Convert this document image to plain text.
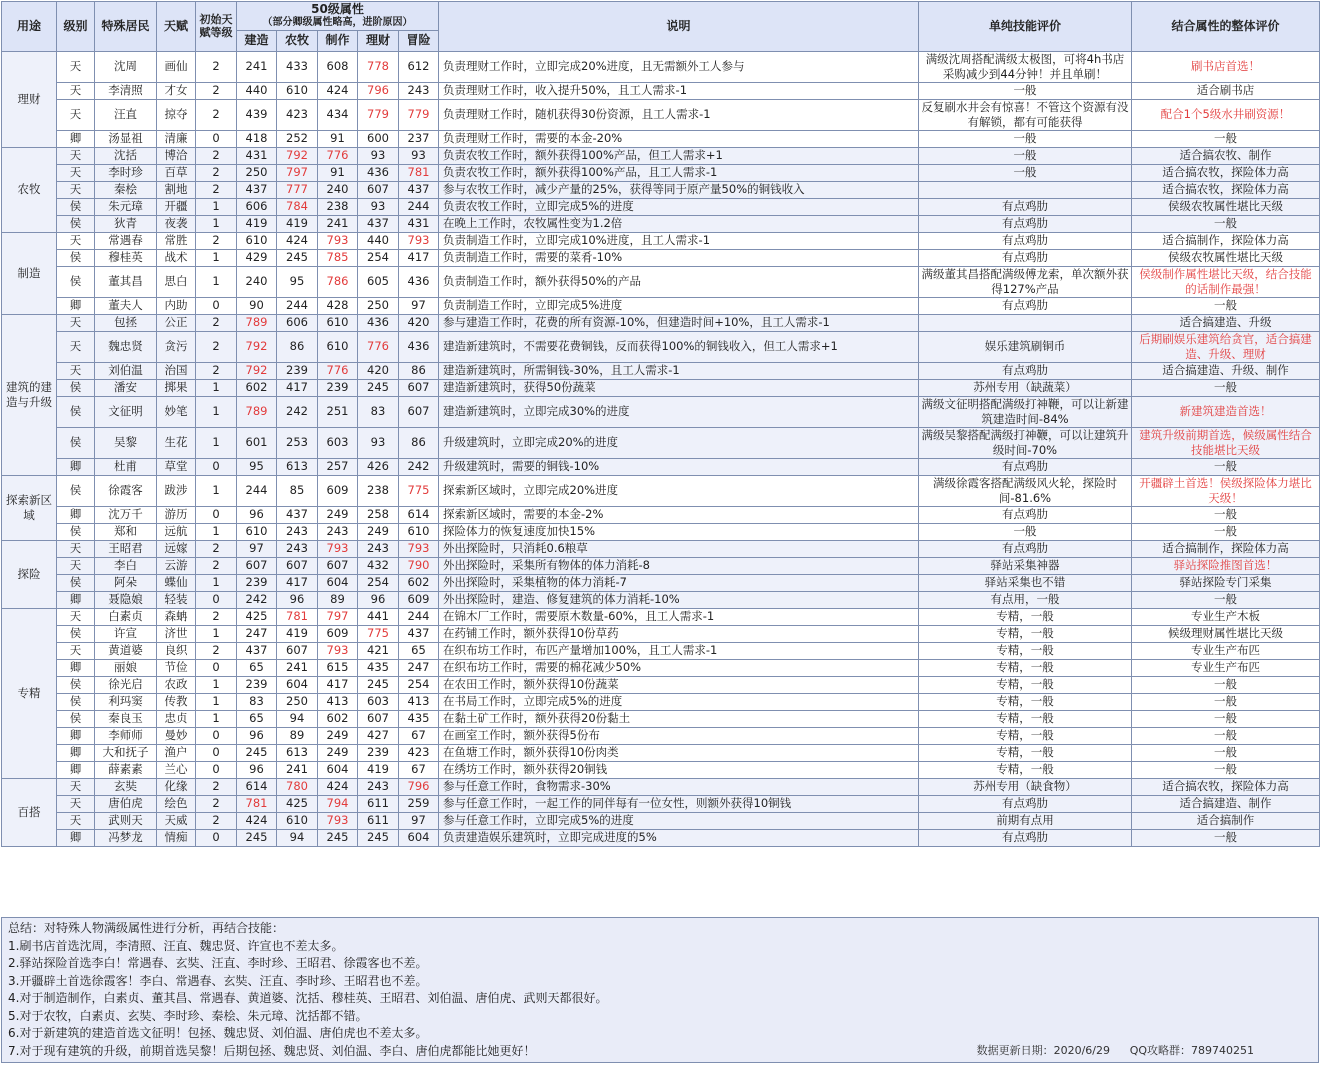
用途	级别	特殊居民	天赋	初始天赋等级	50级属性
（部分卿级属性略高，进阶原因）					说明	单纯技能评价	结合属性的整体评价
					建造	农牧	制作	理财	冒险			
理财	天	沈周	画仙	2	241	433	608	778	612	负责理财工作时，立即完成20%进度，且无需额外工人参与	满级沈周搭配满级太极图，可将4h书店采购减少到44分钟！并且单刷！	刷书店首选！
	天	李清照	才女	2	440	610	424	796	243	负责理财工作时，收入提升50%，且工人需求-1	一般	适合刷书店
	天	汪直	掠夺	2	439	423	434	779	779	负责理财工作时，随机获得30份资源，且工人需求-1	反复刷水井会有惊喜！不管这个资源有没有解锁，都有可能获得	配合1个5级水井刷资源！
	卿	汤显祖	清廉	0	418	252	91	600	237	负责理财工作时，需要的本金-20%	一般	一般
农牧	天	沈括	博洽	2	431	792	776	93	93	负责农牧工作时，额外获得100%产品，但工人需求+1	一般	适合搞农牧、制作
	天	李时珍	百草	2	250	797	91	436	781	负责农牧工作时，额外获得100%产品，且工人需求-1	一般	适合搞农牧，探险体力高
	天	秦桧	割地	2	437	777	240	607	437	参与农牧工作时，减少产量的25%，获得等同于原产量50%的铜钱收入		适合搞农牧，探险体力高
	侯	朱元璋	开疆	1	606	784	238	93	244	负责农牧工作时，立即完成5%的进度	有点鸡肋	侯级农牧属性堪比天级
	侯	狄青	夜袭	1	419	419	241	437	431	在晚上工作时，农牧属性变为1.2倍	有点鸡肋	一般
制造	天	常遇春	常胜	2	610	424	793	440	793	负责制造工作时，立即完成10%进度，且工人需求-1	有点鸡肋	适合搞制作，探险体力高
	侯	穆桂英	战术	1	429	245	785	254	417	负责制造工作时，需要的菜肴-10%	有点鸡肋	侯级农牧属性堪比天级
	侯	董其昌	思白	1	240	95	786	605	436	负责制造工作时，额外获得50%的产品	满级董其昌搭配满级傅龙索，单次额外获得127%产品	侯级制作属性堪比天级，结合技能的话制作最强！
	卿	董夫人	内助	0	90	244	428	250	97	负责制造工作时，立即完成5%进度	有点鸡肋	一般
建筑的建造与升级	天	包拯	公正	2	789	606	610	436	420	参与建造工作时，花费的所有资源-10%，但建造时间+10%，且工人需求-1		适合搞建造、升级
	天	魏忠贤	贪污	2	792	86	610	776	436	建造新建筑时，不需要花费铜钱，反而获得100%的铜钱收入，但工人需求+1	娱乐建筑刷铜币	后期刷娱乐建筑给贪官，适合搞建造、升级、理财
	天	刘伯温	治国	2	792	239	776	420	86	建造新建筑时，所需铜钱-30%，且工人需求-1	有点鸡肋	适合搞建造、升级、制作
	侯	潘安	掷果	1	602	417	239	245	607	建造新建筑时，获得50份蔬菜	苏州专用（缺蔬菜）	一般
	侯	文征明	妙笔	1	789	242	251	83	607	建造新建筑时，立即完成30%的进度	满级文征明搭配满级打神鞭，可以让新建筑建造时间-84%	新建筑建造首选！
	侯	吴黎	生花	1	601	253	603	93	86	升级建筑时，立即完成20%的进度	满级吴黎搭配满级打神鞭，可以让建筑升级时间-70%	建筑升级前期首选，候级属性结合技能堪比天级
	卿	杜甫	草堂	0	95	613	257	426	242	升级建筑时，需要的铜钱-10%	有点鸡肋	一般
探索新区域	侯	徐霞客	跋涉	1	244	85	609	238	775	探索新区域时，立即完成20%进度	满级徐霞客搭配满级风火轮，探险时间-81.6%	开疆辟土首选！侯级探险体力堪比天级！
	卿	沈万千	游历	0	96	437	249	258	614	探索新区域时，需要的本金-2%	有点鸡肋	一般
	侯	郑和	远航	1	610	243	243	249	610	探险体力的恢复速度加快15%	一般	一般
探险	天	王昭君	远嫁	2	97	243	793	243	793	外出探险时，只消耗0.6粮草	有点鸡肋	适合搞制作，探险体力高
	天	李白	云游	2	607	607	607	432	790	外出探险时，采集所有物体的体力消耗-8	驿站采集神器	驿站探险推图首选！
	侯	阿朵	蝶仙	1	239	417	604	254	602	外出探险时，采集植物的体力消耗-7	驿站采集也不错	驿站探险专门采集
	卿	聂隐娘	轻装	0	242	96	89	96	609	外出探险时，建造、修复建筑的体力消耗-10%	有点用，一般	一般
专精	天	白素贞	森蚺	2	425	781	797	441	244	在锦木厂工作时，需要原木数量-60%，且工人需求-1	专精，一般	专业生产木板
	侯	许宣	济世	1	247	419	609	775	437	在药铺工作时，额外获得10份草药	专精，一般	候级理财属性堪比天级
	天	黄道婆	良织	2	437	607	793	421	65	在织布坊工作时，布匹产量增加100%，且工人需求-1	专精，一般	专业生产布匹
	卿	丽娘	节俭	0	65	241	615	435	247	在织布坊工作时，需要的棉花减少50%	专精，一般	专业生产布匹
	侯	徐光启	农政	1	239	604	417	245	254	在农田工作时，额外获得10份蔬菜	专精，一般	一般
	侯	利玛窦	传教	1	83	250	413	603	413	在书局工作时，立即完成5%的进度	专精，一般	一般
	侯	秦良玉	忠贞	1	65	94	602	607	435	在黏土矿工作时，额外获得20份黏土	专精，一般	一般
	卿	李师师	曼妙	0	96	89	249	427	67	在画室工作时，额外获得5份布	专精，一般	一般
	卿	大和抚子	渔户	0	245	613	249	239	423	在鱼塘工作时，额外获得10份肉类	专精，一般	一般
	卿	薛素素	兰心	0	96	241	604	419	67	在绣坊工作时，额外获得20铜钱	专精，一般	一般
百搭	天	玄奘	化缘	2	614	780	424	243	796	参与任意工作时，食物需求-30%	苏州专用（缺食物）	适合搞农牧，探险体力高
	天	唐伯虎	绘色	2	781	425	794	611	259	参与任意工作时，一起工作的同伴每有一位女性，则额外获得10铜钱	有点鸡肋	适合搞建造、制作
	天	武则天	天威	2	424	610	793	611	97	参与任意工作时，立即完成5%的进度	前期有点用	适合搞制作
	卿	冯梦龙	情痴	0	245	94	245	245	604	负责建造娱乐建筑时，立即完成进度的5%	有点鸡肋	一般
总结：对特殊人物满级属性进行分析，再结合技能：
1.刷书店首选沈周，李清照、汪直、魏忠贤、许宣也不差太多。
2.驿站探险首选李白！常遇春、玄奘、汪直、李时珍、王昭君、徐霞客也不差。
3.开疆辟土首选徐霞客！李白、常遇春、玄奘、汪直、李时珍、王昭君也不差。
4.对于制造制作，白素贞、董其昌、常遇春、黄道婆、沈括、穆桂英、王昭君、刘伯温、唐伯虎、武则天都很好。
5.对于农牧，白素贞、玄奘、李时珍、秦桧、朱元璋、沈括都不错。
6.对于新建筑的建造首选文征明！包拯、魏忠贤、刘伯温、唐伯虎也不差太多。
7.对于现有建筑的升级，前期首选吴黎！后期包拯、魏忠贤、刘伯温、李白、唐伯虎都能比她更好！	数据更新日期：2020/6/29 QQ攻略群：789740251
